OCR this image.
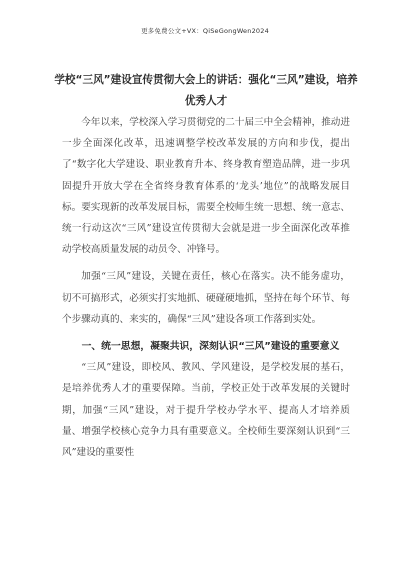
更多免费公文+VX：QiSeGongWen2024
学校“三风”建设宣传贯彻大会上的讲话：强化“三风”建设，培养优秀人才

今年以来，学校深入学习贯彻党的二十届三中全会精神，推动进一步全面深化改革，迅速调整学校改革发展的方向和步伐，提出了“数字化大学建设、职业教育升本、终身教育塑造品牌，进一步巩固提升开放大学在全省终身教育体系的‘龙头’地位”的战略发展目标。要实现新的改革发展目标，需要全校师生统一思想、统一意志、统一行动这次“三风”建设宣传贯彻大会就是进一步全面深化改革推动学校高质量发展的动员令、冲锋号。

加强“三风”建设，关键在责任，核心在落实。决不能务虚功，切不可搞形式，必须实打实地抓、硬碰硬地抓，坚持在每个环节、每个步骤动真的、来实的，确保“三风”建设各项工作落到实处。

一、统一思想，凝聚共识，深刻认识“三风”建设的重要意义

“三风”建设，即校风、教风、学风建设，是学校发展的基石，是培养优秀人才的重要保障。当前，学校正处于改革发展的关键时期，加强“三风”建设，对于提升学校办学水平、提高人才培养质量、增强学校核心竞争力具有重要意义。全校师生要深刻认识到“三风”建设的重要性
